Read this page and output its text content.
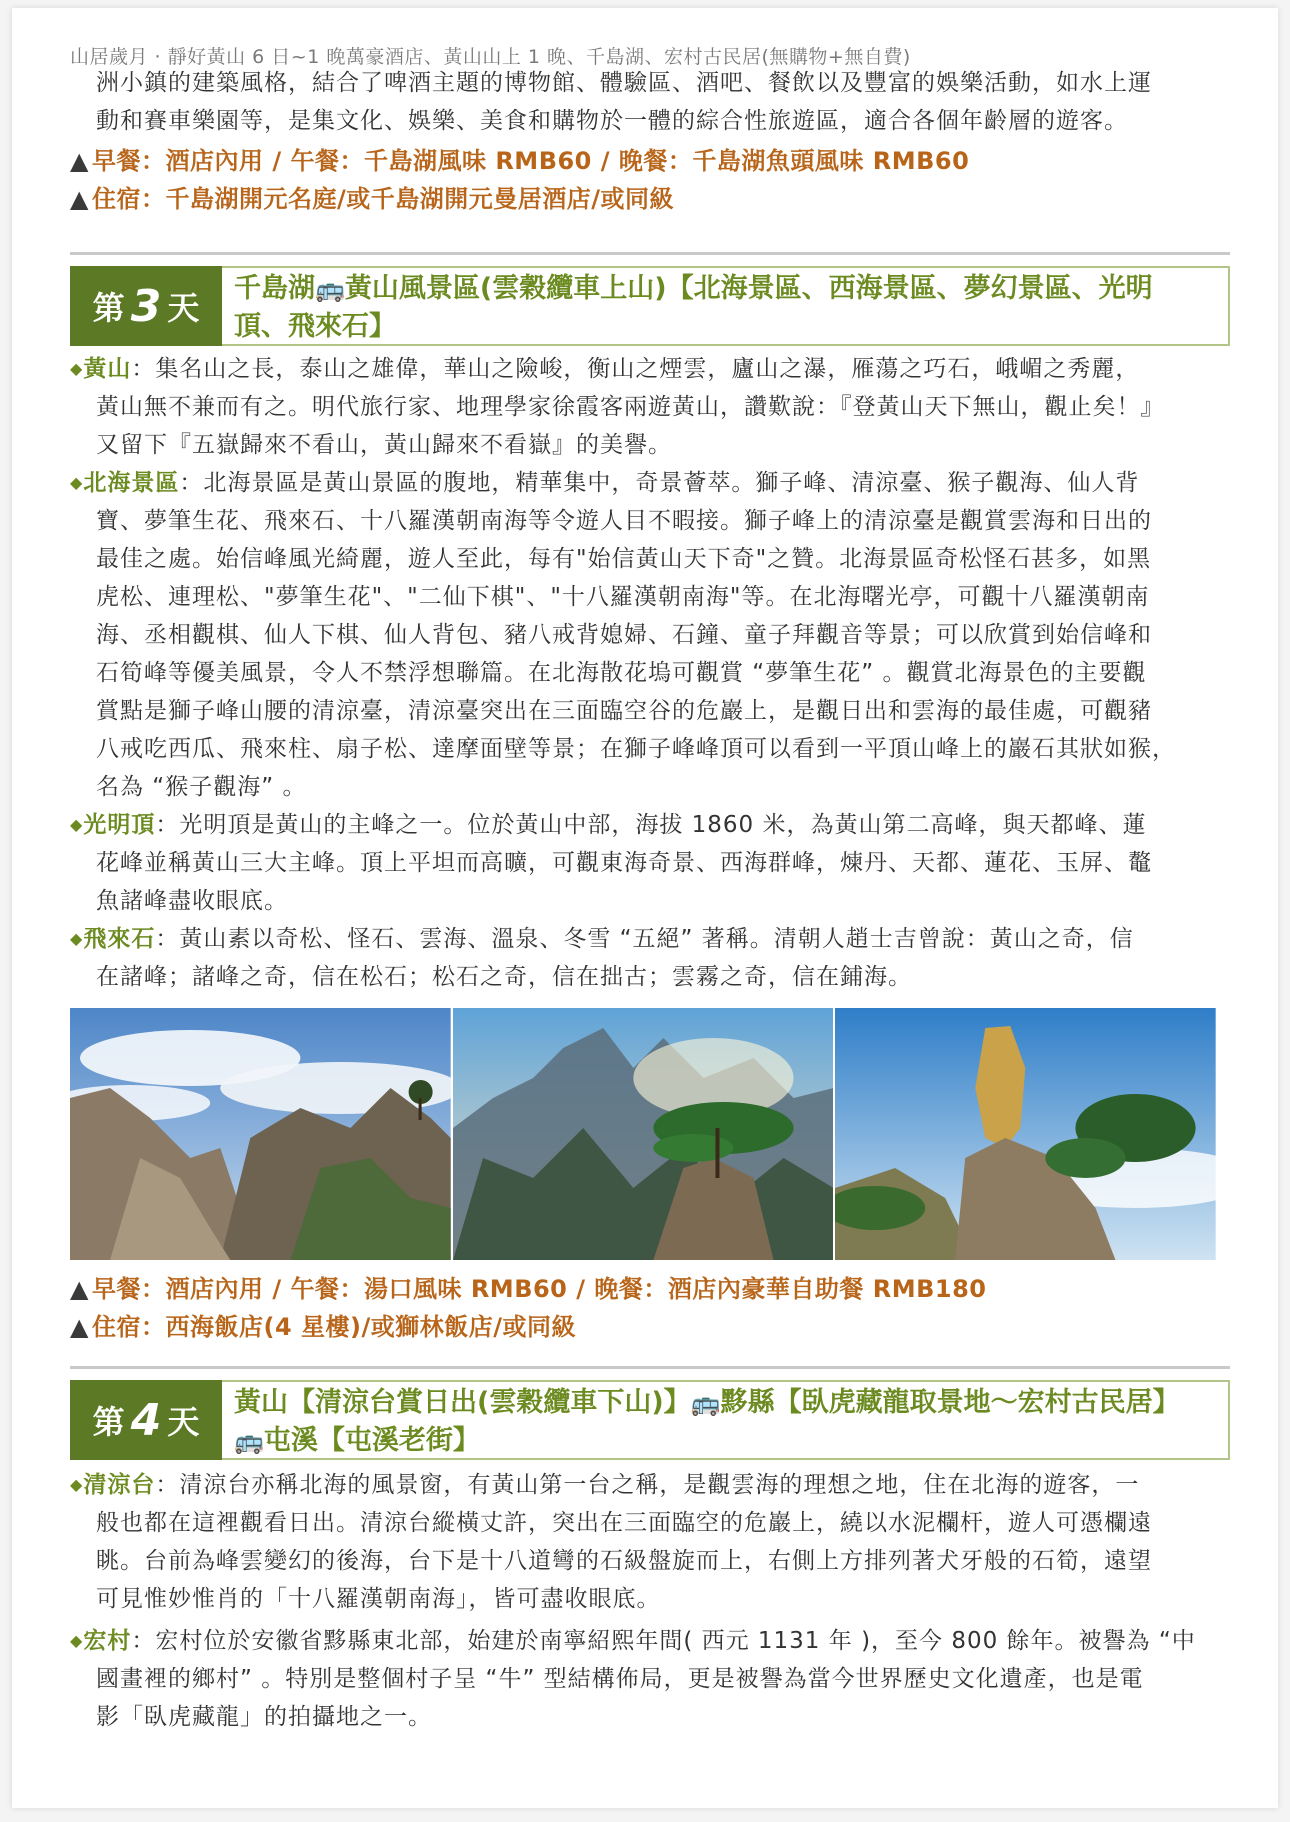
山居歲月 · 靜好黃山 6 日~1 晚萬豪酒店、黃山山上 1 晚、千島湖、宏村古民居(無購物+無自費)
洲小鎮的建築風格，結合了啤酒主題的博物館、體驗區、酒吧、餐飲以及豐富的娛樂活動，如水上運
動和賽車樂園等，是集文化、娛樂、美食和購物於一體的綜合性旅遊區，適合各個年齡層的遊客。
▲ 早餐：酒店內用 / 午餐：千島湖風味 RMB60 / 晚餐：千島湖魚頭風味 RMB60
▲ 住宿：千島湖開元名庭/或千島湖開元曼居酒店/或同級
第 3 天
千島湖🚌黃山風景區(雲穀纜車上山)【北海景區、西海景區、夢幻景區、光明
頂、飛來石】
◆黃山：集名山之長，泰山之雄偉，華山之險峻，衡山之煙雲，廬山之瀑，雁蕩之巧石，峨嵋之秀麗，
黃山無不兼而有之。明代旅行家、地理學家徐霞客兩遊黃山，讚歎說：『登黃山天下無山，觀止矣！』
又留下『五嶽歸來不看山，黃山歸來不看嶽』的美譽。
◆北海景區：北海景區是黃山景區的腹地，精華集中，奇景薈萃。獅子峰、清涼臺、猴子觀海、仙人背
寶、夢筆生花、飛來石、十八羅漢朝南海等令遊人目不暇接。獅子峰上的清涼臺是觀賞雲海和日出的
最佳之處。始信峰風光綺麗，遊人至此，每有"始信黃山天下奇"之贊。北海景區奇松怪石甚多，如黑
虎松、連理松、"夢筆生花"、"二仙下棋"、"十八羅漢朝南海"等。在北海曙光亭，可觀十八羅漢朝南
海、丞相觀棋、仙人下棋、仙人背包、豬八戒背媳婦、石鐘、童子拜觀音等景；可以欣賞到始信峰和
石筍峰等優美風景，令人不禁浮想聯篇。在北海散花塢可觀賞 “夢筆生花” 。觀賞北海景色的主要觀
賞點是獅子峰山腰的清涼臺，清涼臺突出在三面臨空谷的危巖上，是觀日出和雲海的最佳處，可觀豬
八戒吃西瓜、飛來柱、扇子松、達摩面壁等景；在獅子峰峰頂可以看到一平頂山峰上的巖石其狀如猴，
名為 “猴子觀海” 。
◆光明頂：光明頂是黃山的主峰之一。位於黃山中部，海拔 1860 米，為黃山第二高峰，與天都峰、蓮
花峰並稱黃山三大主峰。頂上平坦而高曠，可觀東海奇景、西海群峰，煉丹、天都、蓮花、玉屏、鼇
魚諸峰盡收眼底。
◆飛來石：黃山素以奇松、怪石、雲海、溫泉、冬雪 “五絕” 著稱。清朝人趙士吉曾說：黃山之奇，信
在諸峰；諸峰之奇，信在松石；松石之奇，信在拙古；雲霧之奇，信在鋪海。
▲ 早餐：酒店內用 / 午餐：湯口風味 RMB60 / 晚餐：酒店內豪華自助餐 RMB180
▲ 住宿：西海飯店(4 星樓)/或獅林飯店/或同級
第 4 天
黃山【清涼台賞日出(雲穀纜車下山)】🚌黟縣【臥虎藏龍取景地～宏村古民居】
🚌屯溪【屯溪老街】
◆清涼台：清涼台亦稱北海的風景窗，有黃山第一台之稱，是觀雲海的理想之地，住在北海的遊客，一
般也都在這裡觀看日出。清涼台縱橫丈許，突出在三面臨空的危巖上，繞以水泥欄杆，遊人可憑欄遠
眺。台前為峰雲變幻的後海，台下是十八道彎的石級盤旋而上，右側上方排列著犬牙般的石筍，遠望
可見惟妙惟肖的「十八羅漢朝南海」，皆可盡收眼底。
◆宏村：宏村位於安徽省黟縣東北部，始建於南寧紹熙年間( 西元 1131 年 )，至今 800 餘年。被譽為 “中
國畫裡的鄉村” 。特別是整個村子呈 “牛” 型結構佈局，更是被譽為當今世界歷史文化遺產，也是電
影「臥虎藏龍」的拍攝地之一。
